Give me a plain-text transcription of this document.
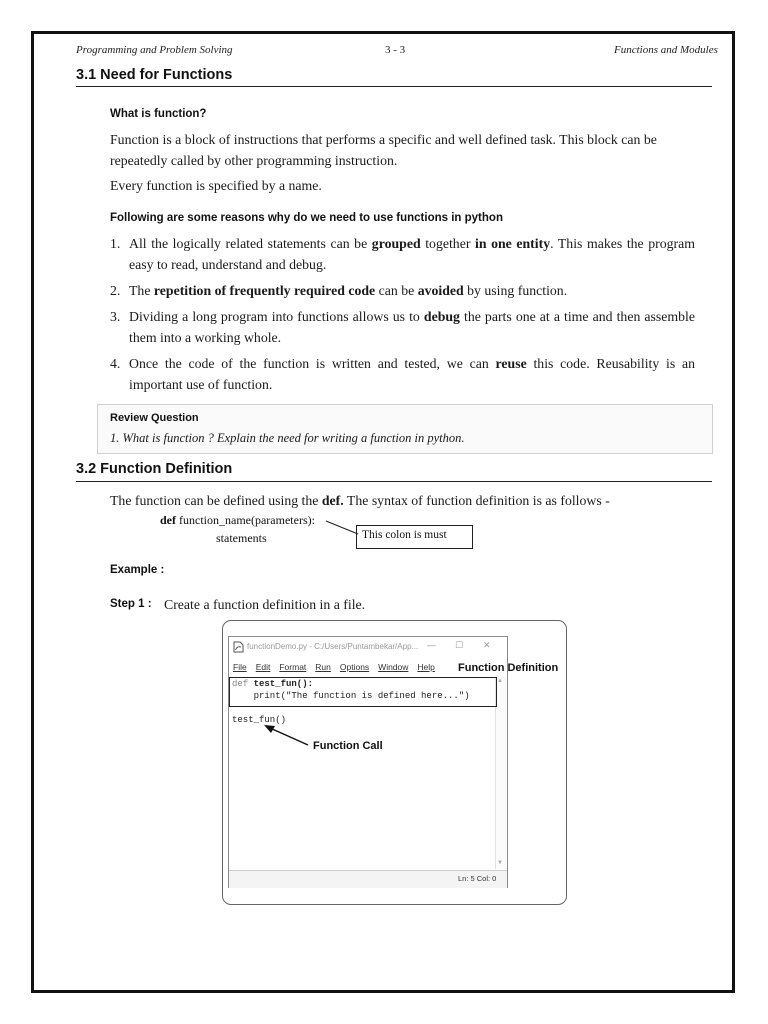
Programming and Problem Solving	3 - 3	Functions and Modules
3.1 Need for Functions
What is function?
Function is a block of instructions that performs a specific and well defined task. This block can be
repeatedly called by other programming instruction.
Every function is specified by a name.
Following are some reasons why do we need to use functions in python
1. All the logically related statements can be grouped together in one entity. This makes the program easy to read, understand and debug.
2. The repetition of frequently required code can be avoided by using function.
3. Dividing a long program into functions allows us to debug the parts one at a time and then assemble them into a working whole.
4. Once the code of the function is written and tested, we can reuse this code. Reusability is an important use of function.
Review Question
1. What is function ? Explain the need for writing a function in python.
3.2 Function Definition
The function can be defined using the def. The syntax of function definition is as follows -
def function_name(parameters):
statements	This colon is must
Example :
Step 1 : Create a function definition in a file.
functionDemo.py - C:/Users/Puntambekar/App... — ☐ ✕
File Edit Format Run Options Window Help Function Definition
▲
▼
def test_fun():
print("The function is defined here...")
test_fun()
Function Call
Ln: 5 Col: 0
